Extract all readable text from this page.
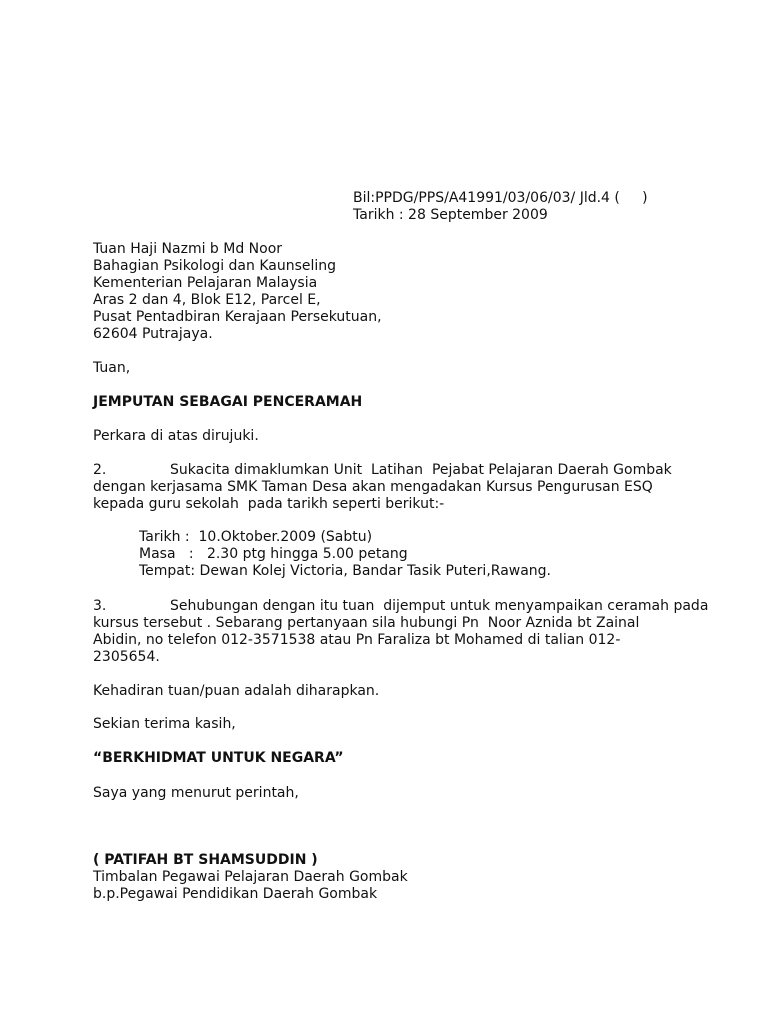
Bil:PPDG/PPS/A41991/03/06/03/ Jld.4 (     )
Tarikh : 28 September 2009
Tuan Haji Nazmi b Md Noor
Bahagian Psikologi dan Kaunseling
Kementerian Pelajaran Malaysia
Aras 2 dan 4, Blok E12, Parcel E,
Pusat Pentadbiran Kerajaan Persekutuan,
62604 Putrajaya.
Tuan,
JEMPUTAN SEBAGAI PENCERAMAH
Perkara di atas dirujuki.
2.	Sukacita dimaklumkan Unit  Latihan  Pejabat Pelajaran Daerah Gombak
dengan kerjasama SMK Taman Desa akan mengadakan Kursus Pengurusan ESQ
kepada guru sekolah  pada tarikh seperti berikut:-
Tarikh :  10.Oktober.2009 (Sabtu)
Masa   :   2.30 ptg hingga 5.00 petang
Tempat: Dewan Kolej Victoria, Bandar Tasik Puteri,Rawang.
3.	Sehubungan dengan itu tuan  dijemput untuk menyampaikan ceramah pada
kursus tersebut . Sebarang pertanyaan sila hubungi Pn  Noor Aznida bt Zainal
Abidin, no telefon 012-3571538 atau Pn Faraliza bt Mohamed di talian 012-
2305654.
Kehadiran tuan/puan adalah diharapkan.
Sekian terima kasih,
“BERKHIDMAT UNTUK NEGARA”
Saya yang menurut perintah,
( PATIFAH BT SHAMSUDDIN )
Timbalan Pegawai Pelajaran Daerah Gombak
b.p.Pegawai Pendidikan Daerah Gombak
